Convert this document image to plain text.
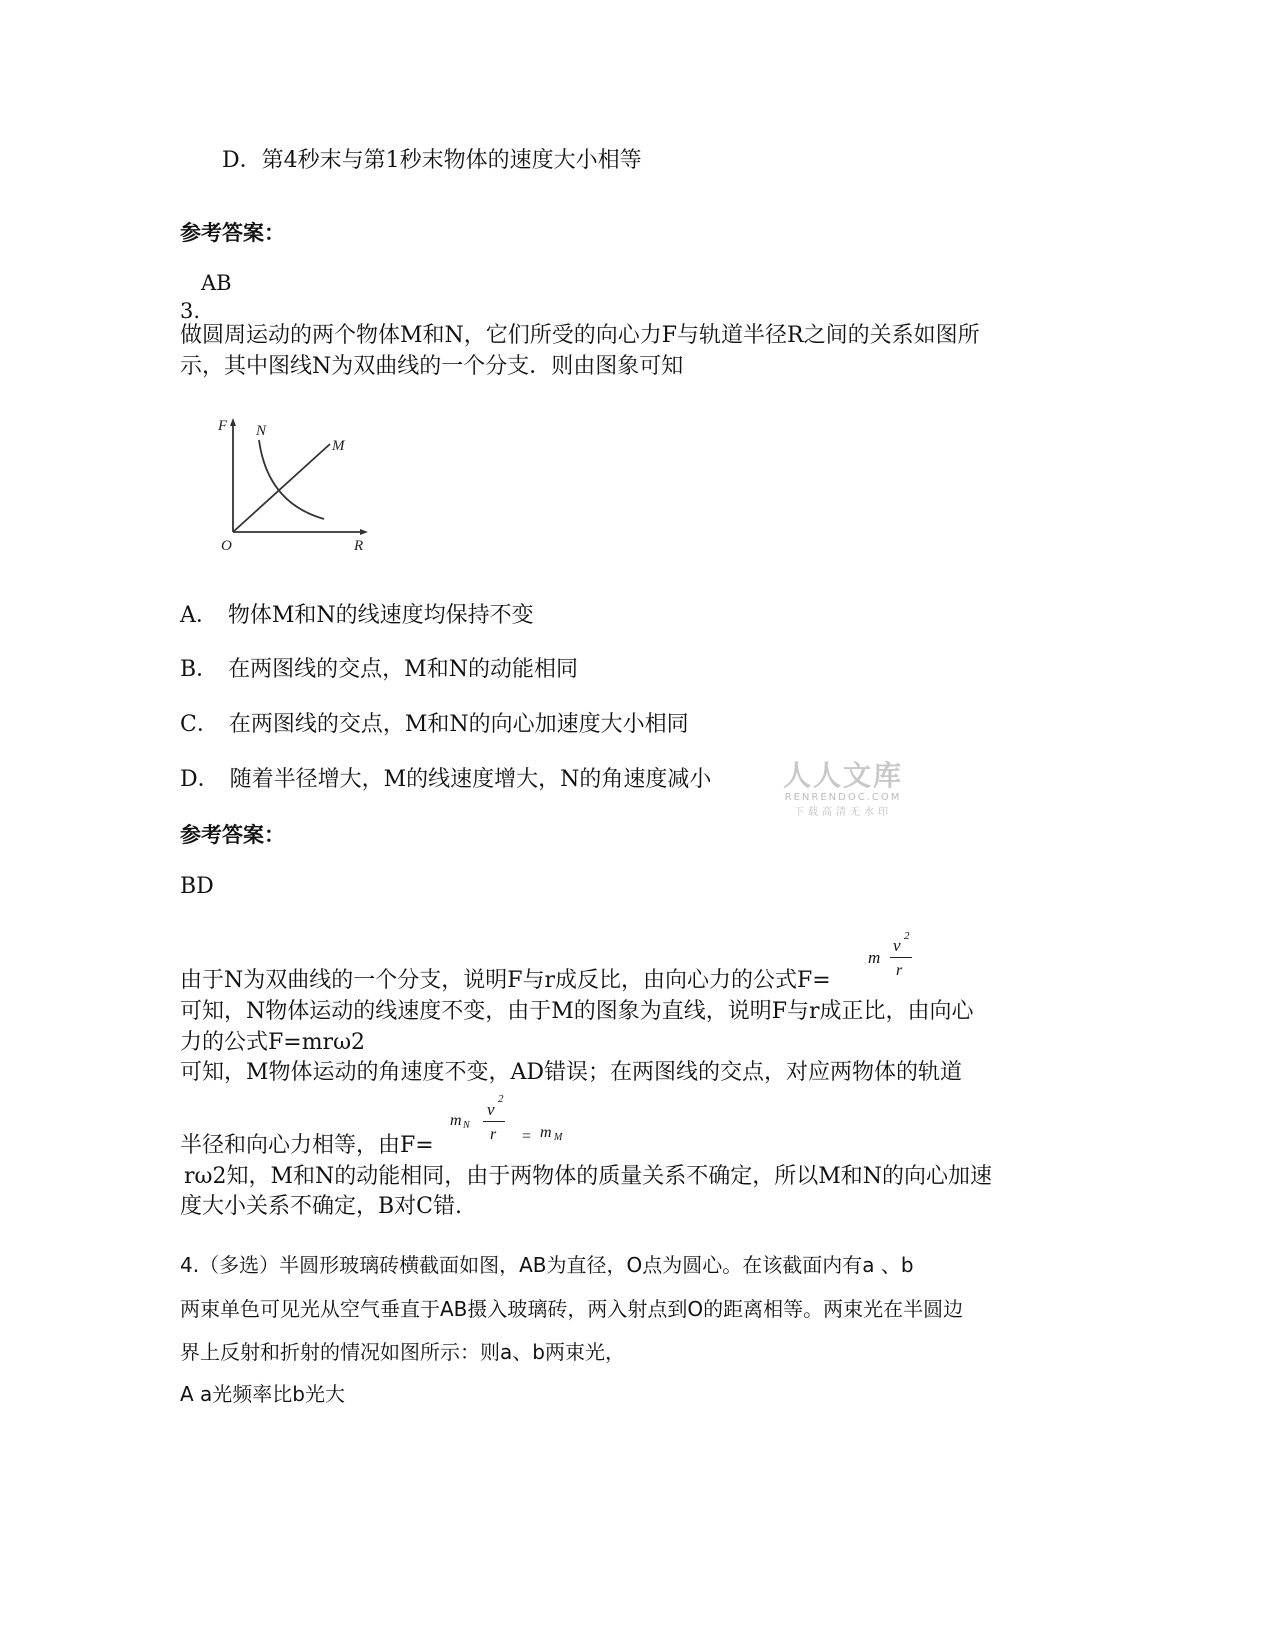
D．第4秒末与第1秒末物体的速度大小相等
参考答案：
AB
3.
做圆周运动的两个物体M和N，它们所受的向心力F与轨道半径R之间的关系如图所
示，其中图线N为双曲线的一个分支．则由图象可知
F N
M
O	R
A． 物体M和N的线速度均保持不变
B． 在两图线的交点，M和N的动能相同
C． 在两图线的交点，M和N的向心加速度大小相同
D． 随着半径增大，M的线速度增大，N的角速度减小	人人文库
RENRENDOC.COM
下载高清无水印
参考答案：
BD
由于N为双曲线的一个分支，说明F与r成反比，由向心力的公式F=
m
v 2
r
可知，N物体运动的线速度不变，由于M的图象为直线，说明F与r成正比，由向心
力的公式F=mrω2
可知，M物体运动的角速度不变，AD错误；在两图线的交点，对应两物体的轨道
半径和向心力相等，由F=
m N
v
2
r = m M
rω2知，M和N的动能相同，由于两物体的质量关系不确定，所以M和N的向心加速
度大小关系不确定，B对C错.
4.（多选）半圆形玻璃砖横截面如图，AB为直径，O点为圆心。在该截面内有a 、b
两束单色可见光从空气垂直于AB摄入玻璃砖，两入射点到O的距离相等。两束光在半圆边
界上反射和折射的情况如图所示：则a、b两束光，
A a光频率比b光大
